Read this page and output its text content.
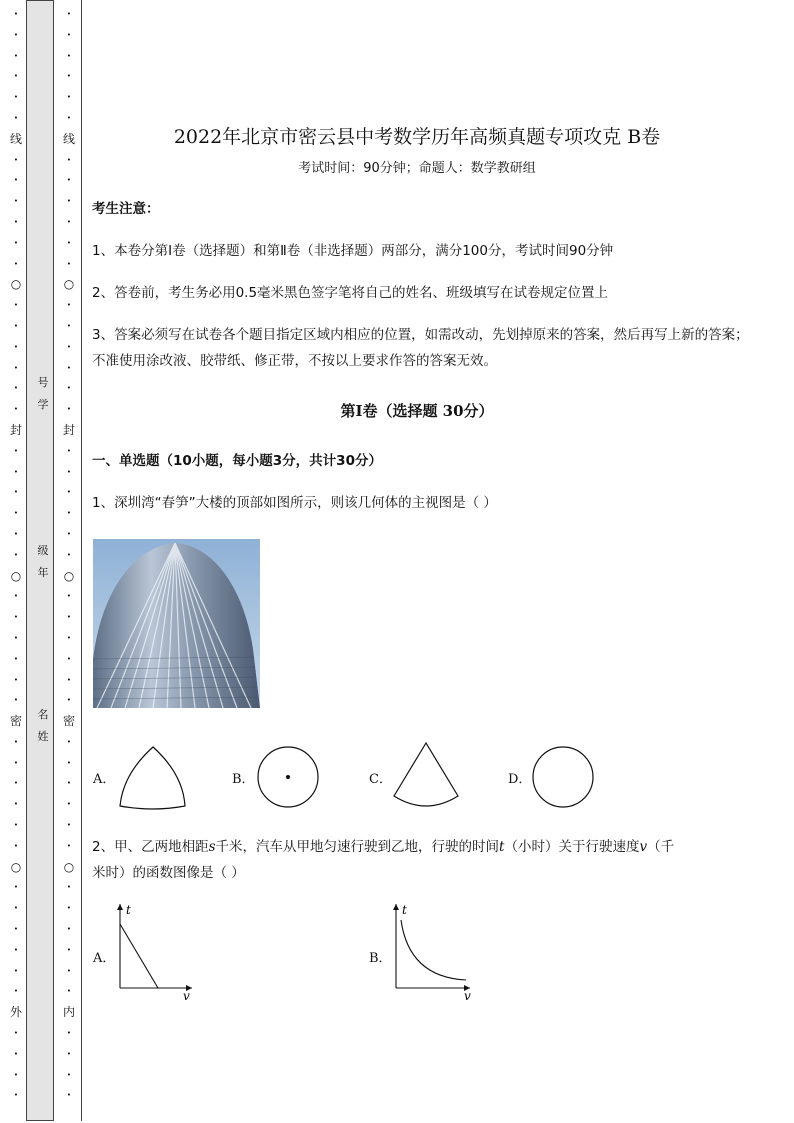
•
•
•
•
•
•
线
•
•
•
•
•
•
○
•
•
•
•
•
•
封
•
•
•
•
•
•
○
•
•
•
•
•
•
密
•
•
•
•
•
•
○
•
•
•
•
•
•
外
•
•
•
•
•
•
•
•
•
•
线
•
•
•
•
•
•
○
•
•
•
•
•
•
封
•
•
•
•
•
•
○
•
•
•
•
•
•
密
•
•
•
•
•
•
○
•
•
•
•
•
•
内
•
•
•
•
号
学
级
年
名
姓
2022年北京市密云县中考数学历年高频真题专项攻克 B卷
考试时间：90分钟；命题人：数学教研组
考生注意：
1、本卷分第I卷（选择题）和第Ⅱ卷（非选择题）两部分，满分100分，考试时间90分钟
2、答卷前，考生务必用0.5毫米黑色签字笔将自己的姓名、班级填写在试卷规定位置上
3、答案必须写在试卷各个题目指定区域内相应的位置，如需改动，先划掉原来的答案，然后再写上新的答案；不准使用涂改液、胶带纸、修正带，不按以上要求作答的答案无效。
第I卷（选择题 30分）
一、单选题（10小题，每小题3分，共计30分）
1、深圳湾“春笋”大楼的顶部如图所示，则该几何体的主视图是（ ）
A．	B．	C．	D．
2、甲、乙两地相距s千米，汽车从甲地匀速行驶到乙地，行驶的时间t（小时）关于行驶速度v（千
米时）的函数图像是（ ）
A．
t
v
B．
t
v
